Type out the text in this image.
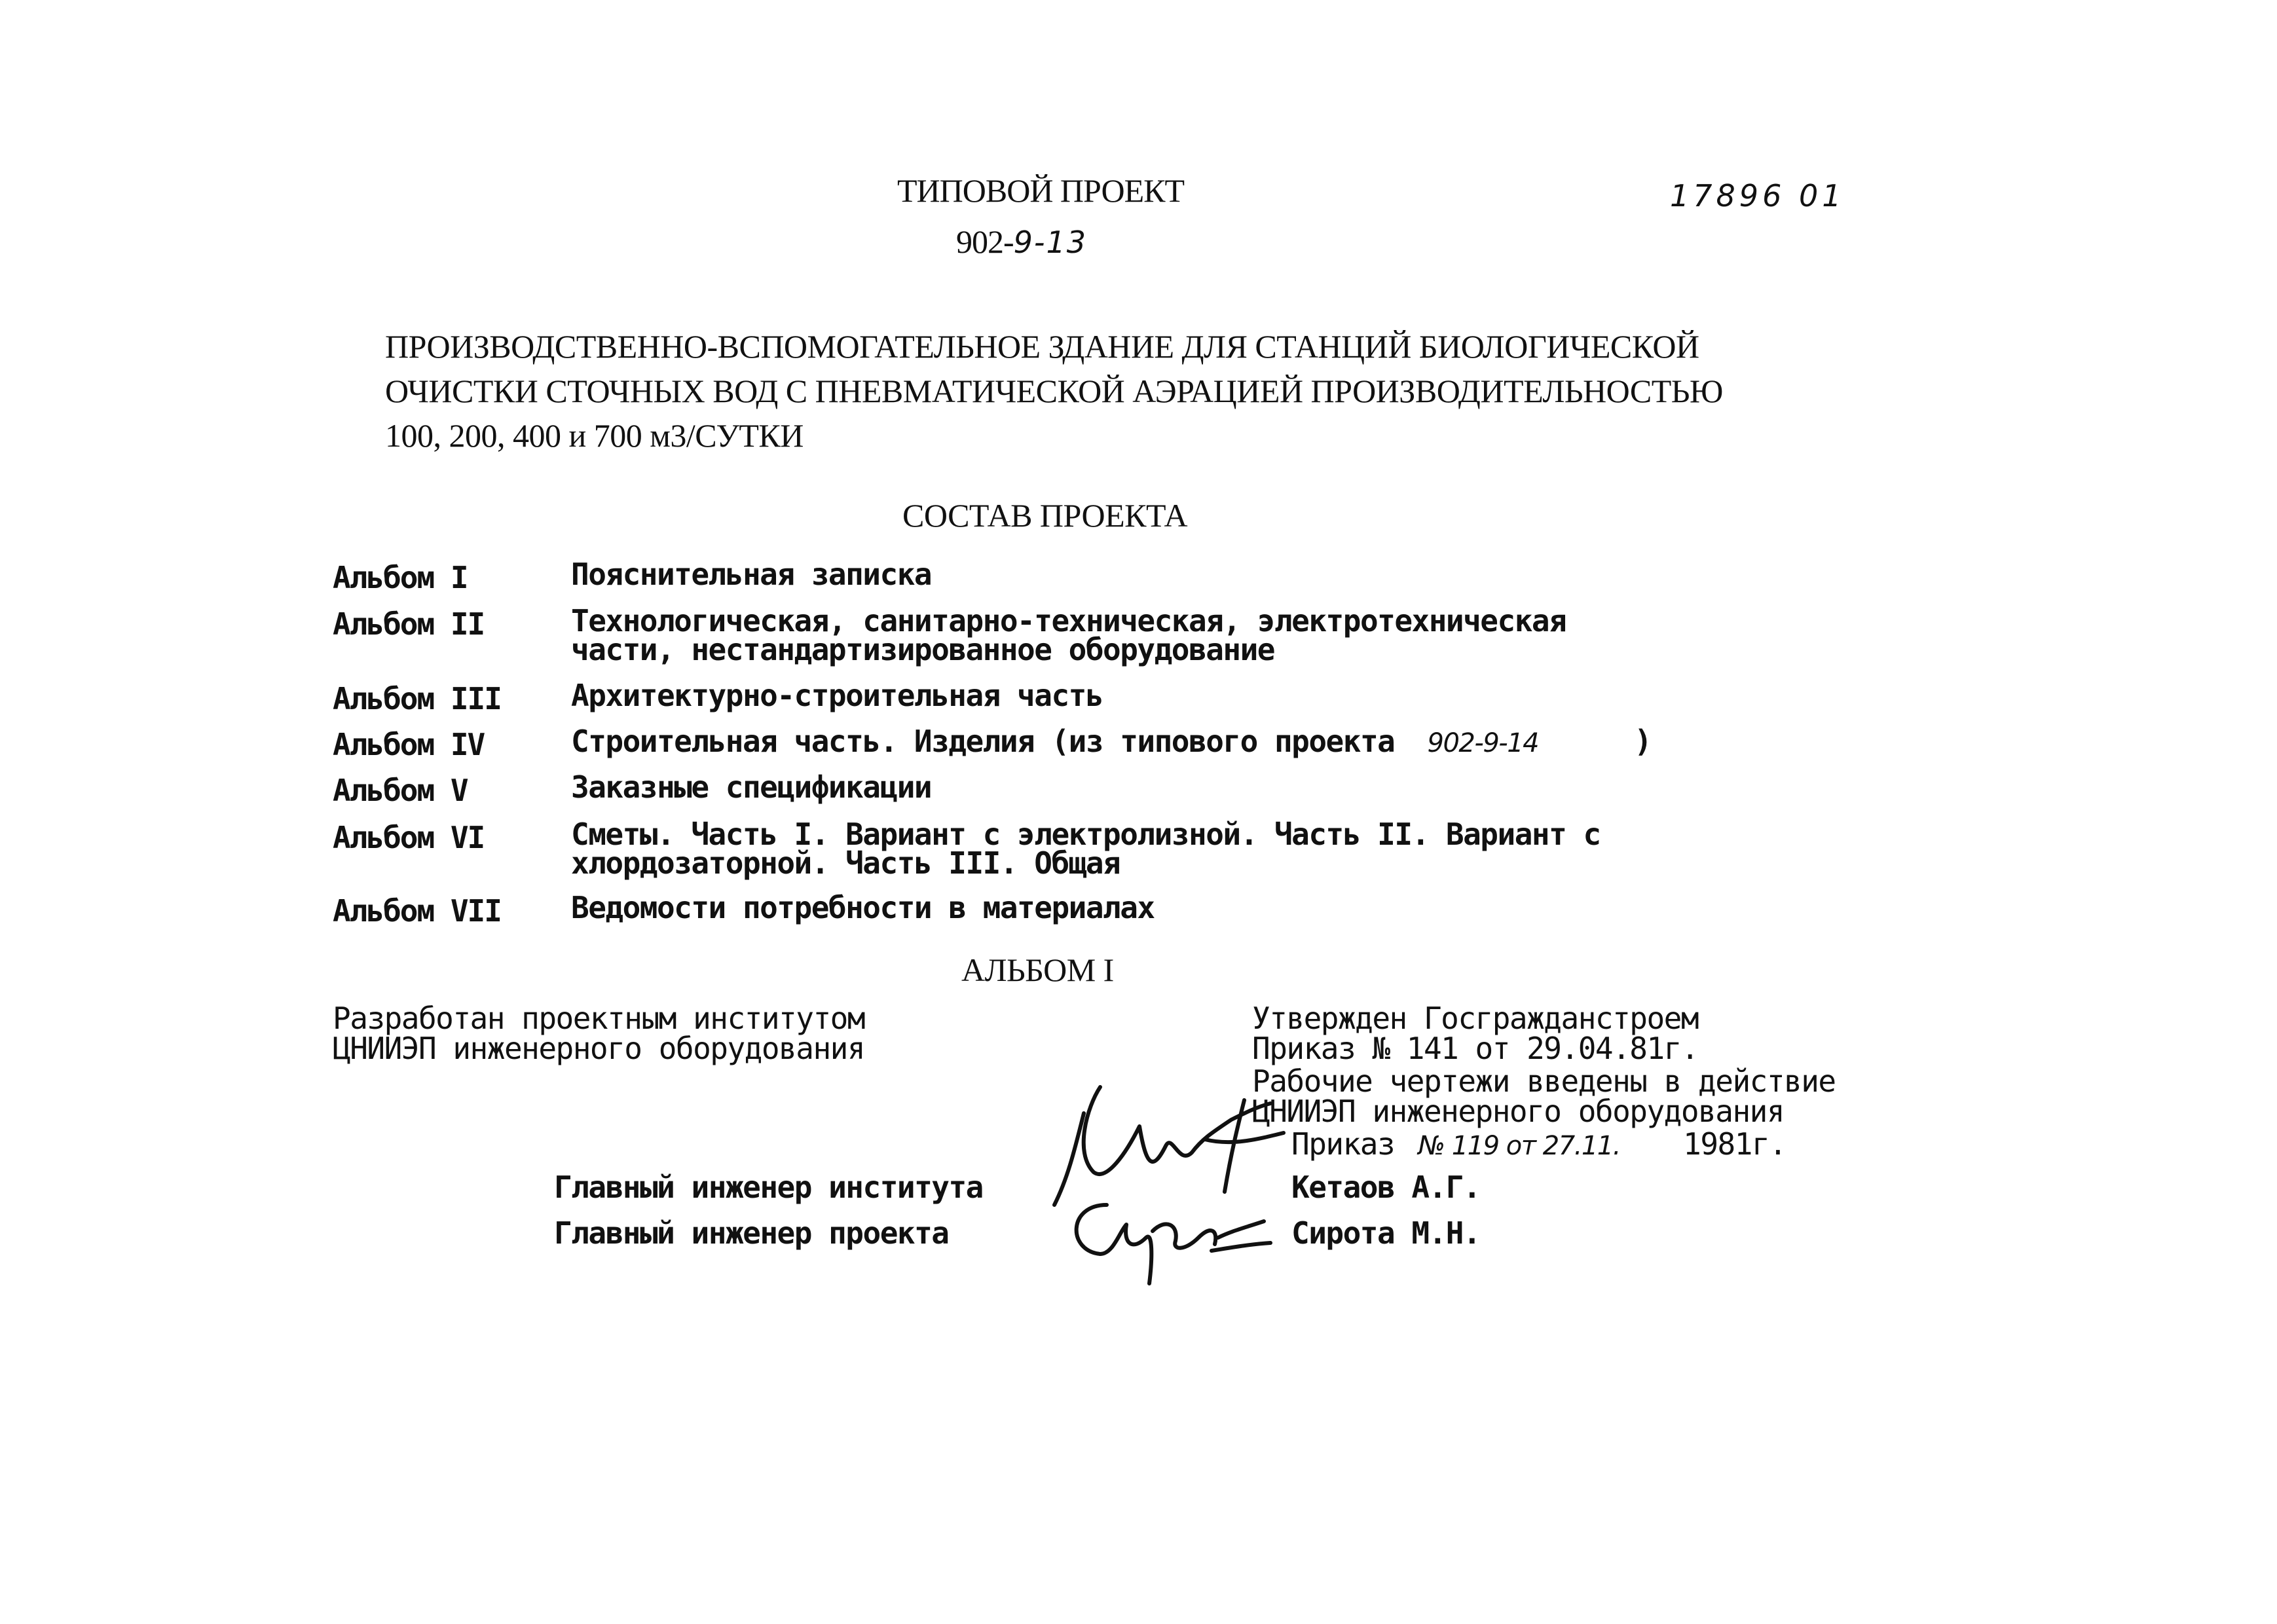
ТИПОВОЙ ПРОЕКТ
902-9-13
17896 01
ПРОИЗВОДСТВЕННО-ВСПОМОГАТЕЛЬНОЕ ЗДАНИЕ ДЛЯ СТАНЦИЙ БИОЛОГИЧЕСКОЙ
ОЧИСТКИ СТОЧНЫХ ВОД С ПНЕВМАТИЧЕСКОЙ АЭРАЦИЕЙ ПРОИЗВОДИТЕЛЬНОСТЬЮ
100, 200, 400 и 700 м3/СУТКИ
СОСТАВ ПРОЕКТА
Альбом I	Пояснительная записка
Альбом II	Технологическая, санитарно-техническая, электротехническая части, нестандартизированное оборудование
Альбом III Архитектурно-строительная часть
Альбом IV	Строительная часть. Изделия (из типового проекта 902-9-14	)
Альбом V	Заказные спецификации
Альбом VI	Сметы. Часть I. Вариант с электролизной. Часть II. Вариант с хлордозаторной. Часть III. Общая
Альбом VII Ведомости потребности в материалах
АЛЬБОМ I
Разработан проектным институтом
ЦНИИЭП инженерного оборудования
Утвержден Госгражданстроем
Приказ № 141 от 29.04.81г.
Рабочие чертежи введены в действие
ЦНИИЭП инженерного оборудования
Приказ № 119 от 27.11. 1981г.
Главный инженер института	Кетаов А.Г.
Главный инженер проекта	Сирота М.Н.
